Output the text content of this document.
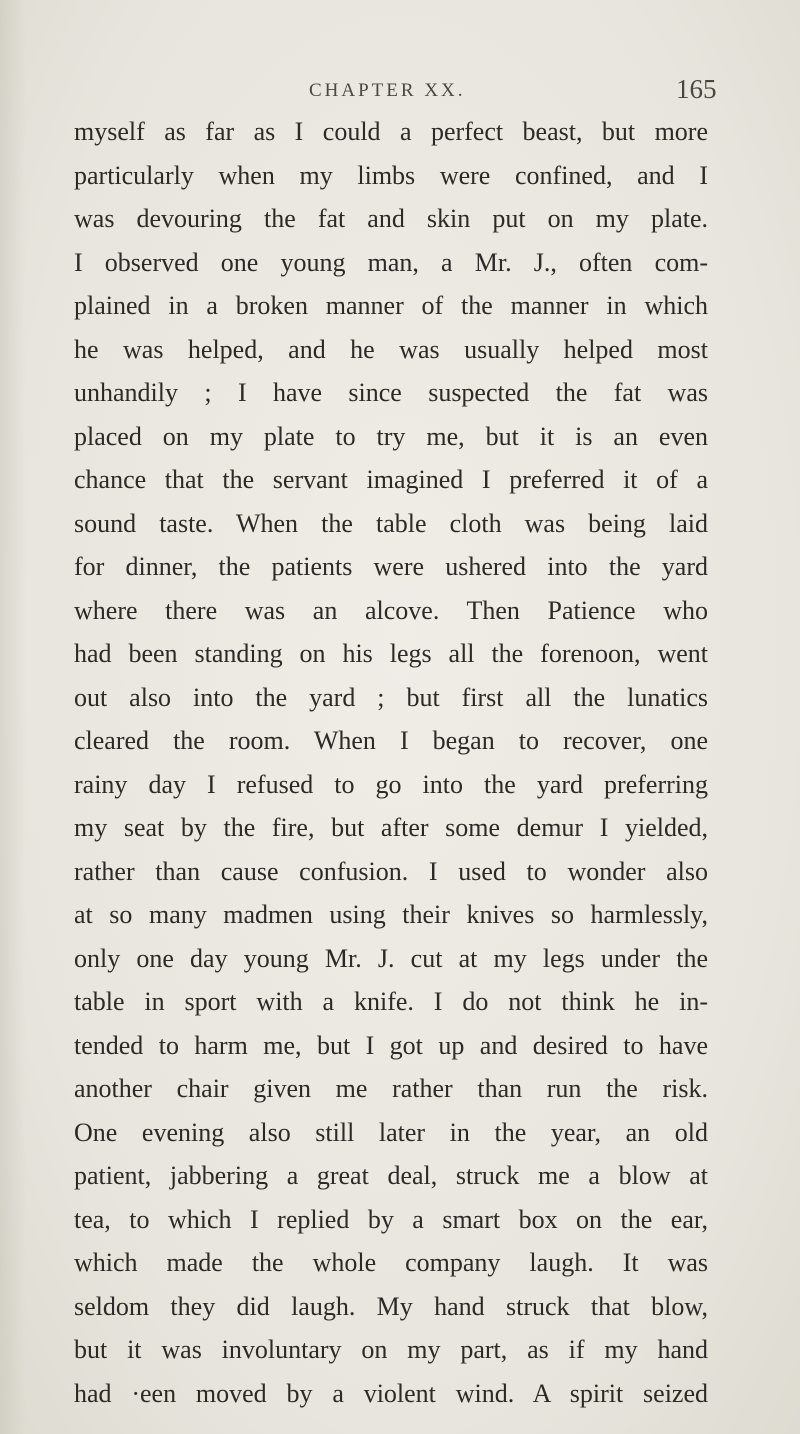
CHAPTER XX.	165
myself as far as I could a perfect beast, but more
particularly when my limbs were confined, and I
was devouring the fat and skin put on my plate.
I observed one young man, a Mr. J., often com-
plained in a broken manner of the manner in which
he was helped, and he was usually helped most
unhandily ; I have since suspected the fat was
placed on my plate to try me, but it is an even
chance that the servant imagined I preferred it of a
sound taste. When the table cloth was being laid
for dinner, the patients were ushered into the yard
where there was an alcove. Then Patience who
had been standing on his legs all the forenoon, went
out also into the yard ; but first all the lunatics
cleared the room. When I began to recover, one
rainy day I refused to go into the yard preferring
my seat by the fire, but after some demur I yielded,
rather than cause confusion. I used to wonder also
at so many madmen using their knives so harmlessly,
only one day young Mr. J. cut at my legs under the
table in sport with a knife. I do not think he in-
tended to harm me, but I got up and desired to have
another chair given me rather than run the risk.
One evening also still later in the year, an old
patient, jabbering a great deal, struck me a blow at
tea, to which I replied by a smart box on the ear,
which made the whole company laugh. It was
seldom they did laugh. My hand struck that blow,
but it was involuntary on my part, as if my hand
had ·een moved by a violent wind. A spirit seized
